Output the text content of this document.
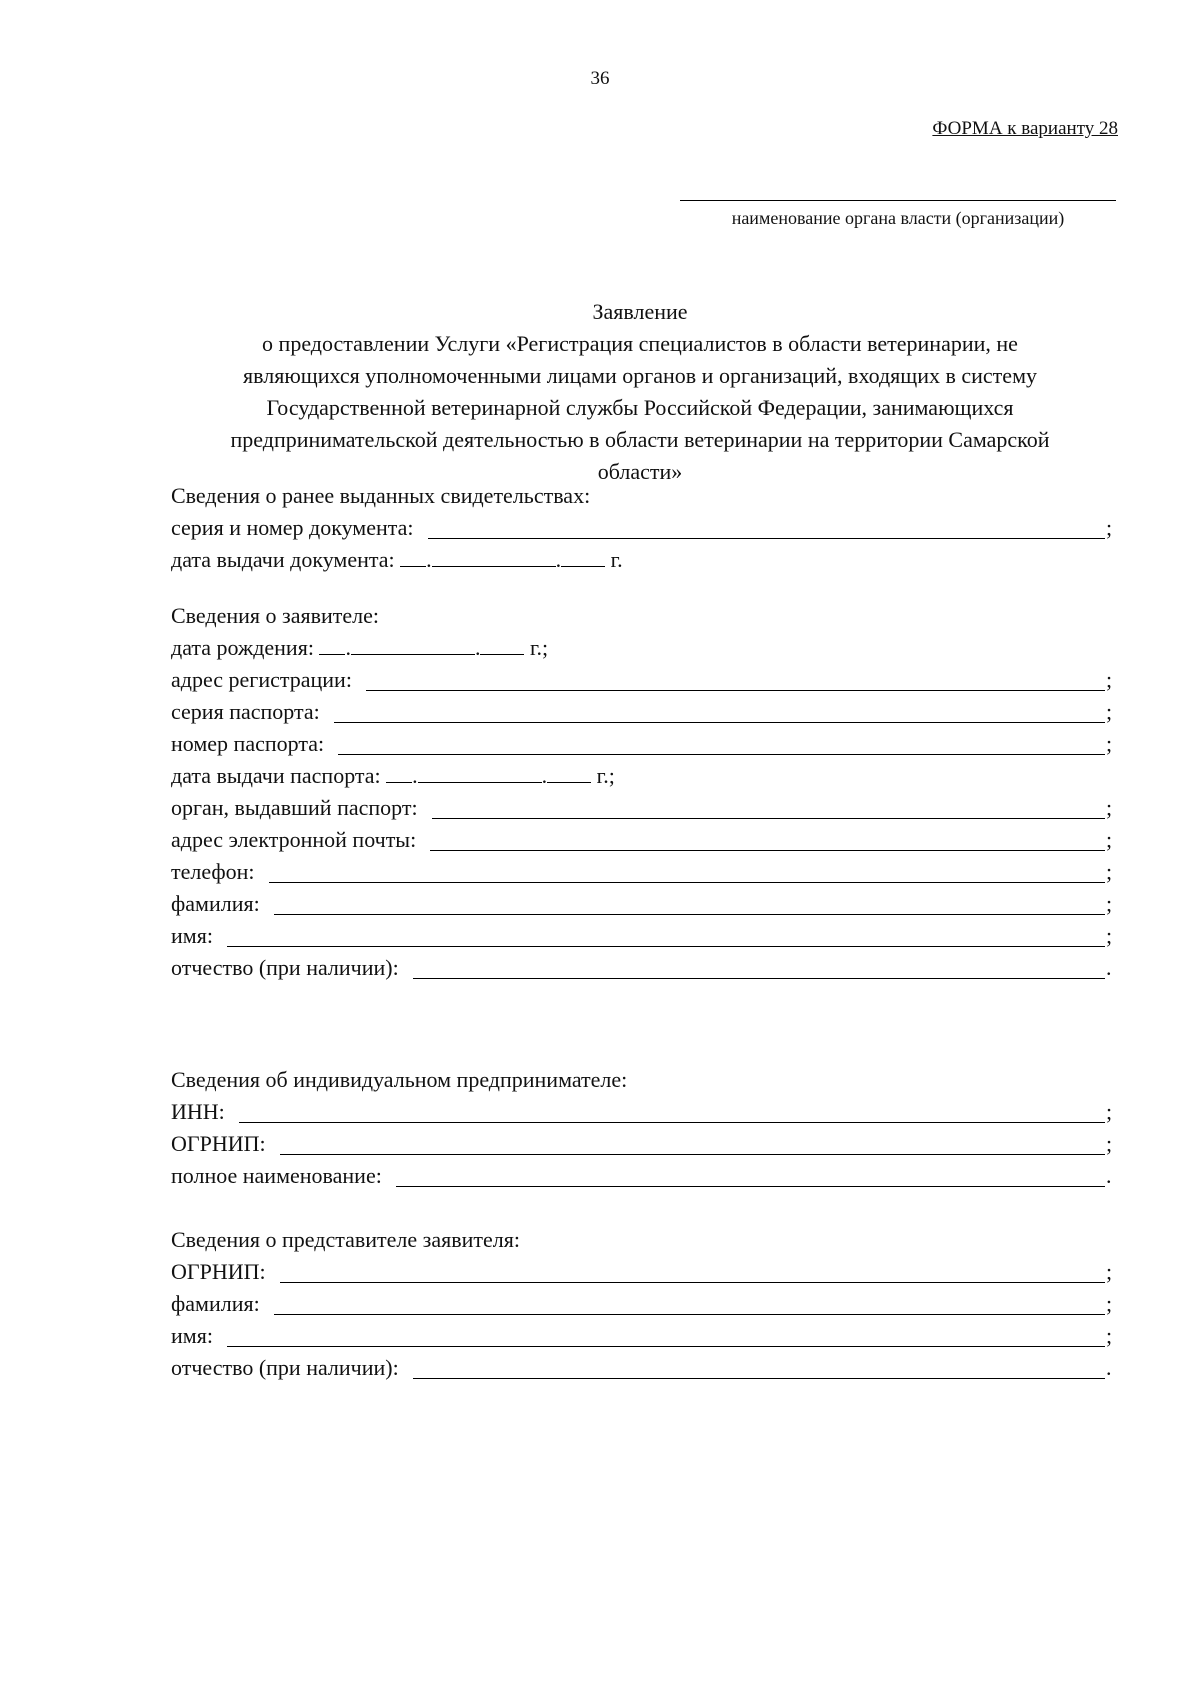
36
ФОРМА к варианту 28
наименование органа власти (организации)
Заявление
о предоставлении Услуги «Регистрация специалистов в области ветеринарии, не
являющихся уполномоченными лицами органов и организаций, входящих в систему
Государственной ветеринарной службы Российской Федерации, занимающихся
предпринимательской деятельностью в области ветеринарии на территории Самарской
области»
Сведения о ранее выданных свидетельствах:
серия и номер документа:	;
дата выдачи документа: .	. г.
Сведения о заявителе:
дата рождения: .	. г.;
адрес регистрации:	;
серия паспорта:	;
номер паспорта:	;
дата выдачи паспорта: .	. г.;
орган, выдавший паспорт:	;
адрес электронной почты:	;
телефон:	;
фамилия:	;
имя:	;
отчество (при наличии):	.
Сведения об индивидуальном предпринимателе:
ИНН:	;
ОГРНИП:	;
полное наименование:	.
Сведения о представителе заявителя:
ОГРНИП:	;
фамилия:	;
имя:	;
отчество (при наличии):	.
